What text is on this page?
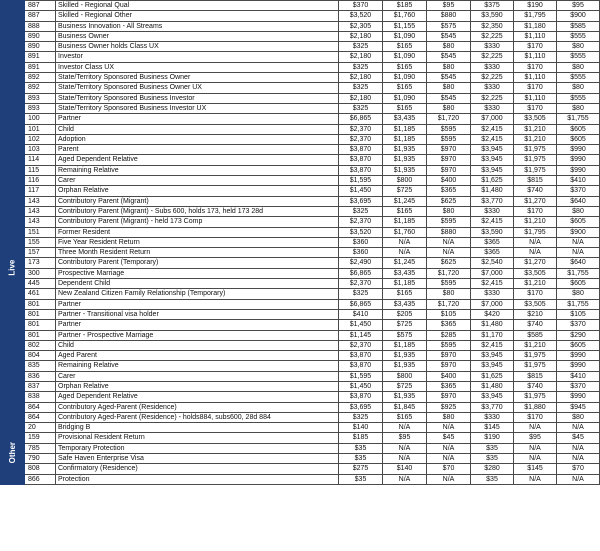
	887	Skilled - Regional Qual	$370	$185	$95	$375	$190	$95
	887	Skilled - Regional Other	$3,520	$1,760	$880	$3,590	$1,795	$900
	888	Business Innovation - All Streams	$2,305	$1,155	$575	$2,350	$1,180	$585
	890	Business Owner	$2,180	$1,090	$545	$2,225	$1,110	$555
	890	Business Owner holds Class UX	$325	$165	$80	$330	$170	$80
	891	Investor	$2,180	$1,090	$545	$2,225	$1,110	$555
	891	Investor Class UX	$325	$165	$80	$330	$170	$80
	892	State/Territory Sponsored Business Owner	$2,180	$1,090	$545	$2,225	$1,110	$555
	892	State/Territory Sponsored Business Owner UX	$325	$165	$80	$330	$170	$80
	893	State/Territory Sponsored Business Investor	$2,180	$1,090	$545	$2,225	$1,110	$555
	893	State/Territory Sponsored Business Investor UX	$325	$165	$80	$330	$170	$80
Live	100	Partner	$6,865	$3,435	$1,720	$7,000	$3,505	$1,755
	101	Child	$2,370	$1,185	$595	$2,415	$1,210	$605
	102	Adoption	$2,370	$1,185	$595	$2,415	$1,210	$605
	103	Parent	$3,870	$1,935	$970	$3,945	$1,975	$990
	114	Aged Dependent Relative	$3,870	$1,935	$970	$3,945	$1,975	$990
	115	Remaining Relative	$3,870	$1,935	$970	$3,945	$1,975	$990
	116	Carer	$1,595	$800	$400	$1,625	$815	$410
	117	Orphan Relative	$1,450	$725	$365	$1,480	$740	$370
	143	Contributory Parent (Migrant)	$3,695	$1,245	$625	$3,770	$1,270	$640
	143	Contributory Parent (Migrant) - Subs 600, holds 173, held 173 28d	$325	$165	$80	$330	$170	$80
	143	Contributory Parent (Migrant) - held 173 Comp	$2,370	$1,185	$595	$2,415	$1,210	$605
	151	Former Resident	$3,520	$1,760	$880	$3,590	$1,795	$900
	155	Five Year Resident Return	$360	N/A	N/A	$365	N/A	N/A
	157	Three Month Resident Return	$360	N/A	N/A	$365	N/A	N/A
	173	Contributory Parent (Temporary)	$2,490	$1,245	$625	$2,540	$1,270	$640
	300	Prospective Marriage	$6,865	$3,435	$1,720	$7,000	$3,505	$1,755
	445	Dependent Child	$2,370	$1,185	$595	$2,415	$1,210	$605
	461	New Zealand Citizen Family Relationship (Temporary)	$325	$165	$80	$330	$170	$80
	801	Partner	$6,865	$3,435	$1,720	$7,000	$3,505	$1,755
	801	Partner - Transitional visa holder	$410	$205	$105	$420	$210	$105
	801	Partner	$1,450	$725	$365	$1,480	$740	$370
	801	Partner - Prospective Marriage	$1,145	$575	$285	$1,170	$585	$290
	802	Child	$2,370	$1,185	$595	$2,415	$1,210	$605
	804	Aged Parent	$3,870	$1,935	$970	$3,945	$1,975	$990
	835	Remaining Relative	$3,870	$1,935	$970	$3,945	$1,975	$990
	836	Carer	$1,595	$800	$400	$1,625	$815	$410
	837	Orphan Relative	$1,450	$725	$365	$1,480	$740	$370
	838	Aged Dependent Relative	$3,870	$1,935	$970	$3,945	$1,975	$990
	864	Contributory Aged-Parent (Residence)	$3,695	$1,845	$925	$3,770	$1,880	$945
	864	Contributory Aged-Parent (Residence) - holds884, subs600, 28d 884	$325	$165	$80	$330	$170	$80
Other	20	Bridging B	$140	N/A	N/A	$145	N/A	N/A
	159	Provisional Resident Return	$185	$95	$45	$190	$95	$45
	785	Temporary Protection	$35	N/A	N/A	$35	N/A	N/A
	790	Safe Haven Enterprise Visa	$35	N/A	N/A	$35	N/A	N/A
	808	Confirmatory (Residence)	$275	$140	$70	$280	$145	$70
	866	Protection	$35	N/A	N/A	$35	N/A	N/A
